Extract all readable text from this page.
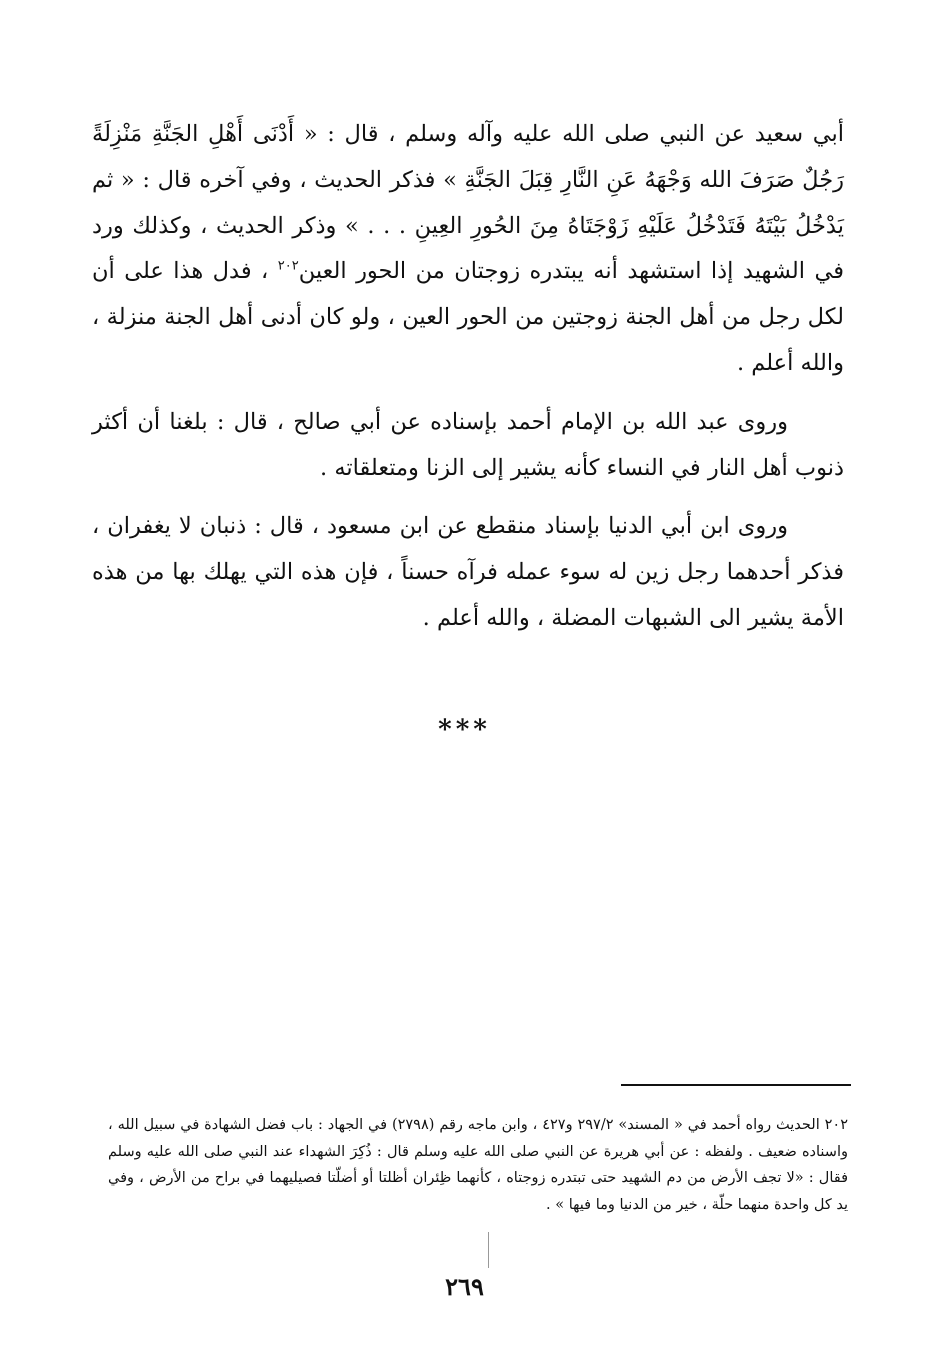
أبي سعيد عن النبي صلى الله عليه وآله وسلم ، قال : « أَدْنَى أَهْلِ الجَنَّةِ مَنْزِلَةً رَجُلٌ صَرَفَ الله وَجْهَهُ عَنِ النَّارِ قِبَلَ الجَنَّةِ » فذكر الحديث ، وفي آخره قال : « ثم يَدْخُلُ بَيْتَهُ فَتَدْخُلُ عَلَيْهِ زَوْجَتَاهُ مِنَ الحُورِ العِينِ . . . » وذكر الحديث ، وكذلك ورد في الشهيد إذا استشهد أنه يبتدره زوجتان من الحور العين$^{٢٠٢}$ ، فدل هذا على أن لكل رجل من أهل الجنة زوجتين من الحور العين ، ولو كان أدنى أهل الجنة منزلة ، والله أعلم .

وروى عبد الله بن الإمام أحمد بإسناده عن أبي صالح ، قال : بلغنا أن أكثر ذنوب أهل النار في النساء كأنه يشير إلى الزنا ومتعلقاته .

وروى ابن أبي الدنيا بإسناد منقطع عن ابن مسعود ، قال : ذنبان لا يغفران ، فذكر أحدهما رجل زين له سوء عمله فرآه حسناً ، فإن هذه التي يهلك بها من هذه الأمة يشير الى الشبهات المضلة ، والله أعلم .

***

٢٠٢ الحديث رواه أحمد في « المسند» ٢٩٧/٢ و٤٢٧ ، وابن ماجه رقم (٢٧٩٨) في الجهاد : باب فضل الشهادة في سبيل الله ، واسناده ضعيف . ولفظه : عن أبي هريرة عن النبي صلى الله عليه وسلم قال : ذُكِرَ الشهداء عند النبي صلى الله عليه وسلم فقال : «لا تجف الأرض من دم الشهيد حتى تبتدره زوجتاه ، كأنهما ظِئران أظلتا أو أضلّتا فصيليهما في براح من الأرض ، وفي يد كل واحدة منهما حلّة ، خير من الدنيا وما فيها » .

٢٦٩
